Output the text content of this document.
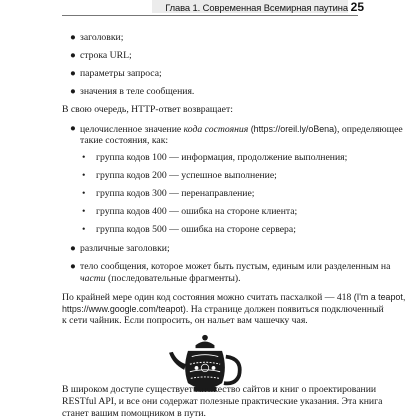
Глава 1. Современная Всемирная паутина 25
● заголовки;
● строка URL;
● параметры запроса;
● значения в теле сообщения.
В свою очередь, HTTP-ответ возвращает:
● целочисленное значение кода состояния (https://oreil.ly/oBena), определяющее
такие состояния, как:
• группа кодов 100 — информация, продолжение выполнения;
• группа кодов 200 — успешное выполнение;
• группа кодов 300 — перенаправление;
• группа кодов 400 — ошибка на стороне клиента;
• группа кодов 500 — ошибка на стороне сервера;
● различные заголовки;
● тело сообщения, которое может быть пустым, единым или разделенным на
части (последовательные фрагменты).
По крайней мере один код состояния можно считать пасхалкой — 418 (I'm a teapot,
https://www.google.com/teapot). На странице должен появиться подключенный
к сети чайник. Если попросить, он нальет вам чашечку чая.
В широком доступе существует множество сайтов и книг о проектировании
RESTful API, и все они содержат полезные практические указания. Эта книга
станет вашим помощником в пути.
